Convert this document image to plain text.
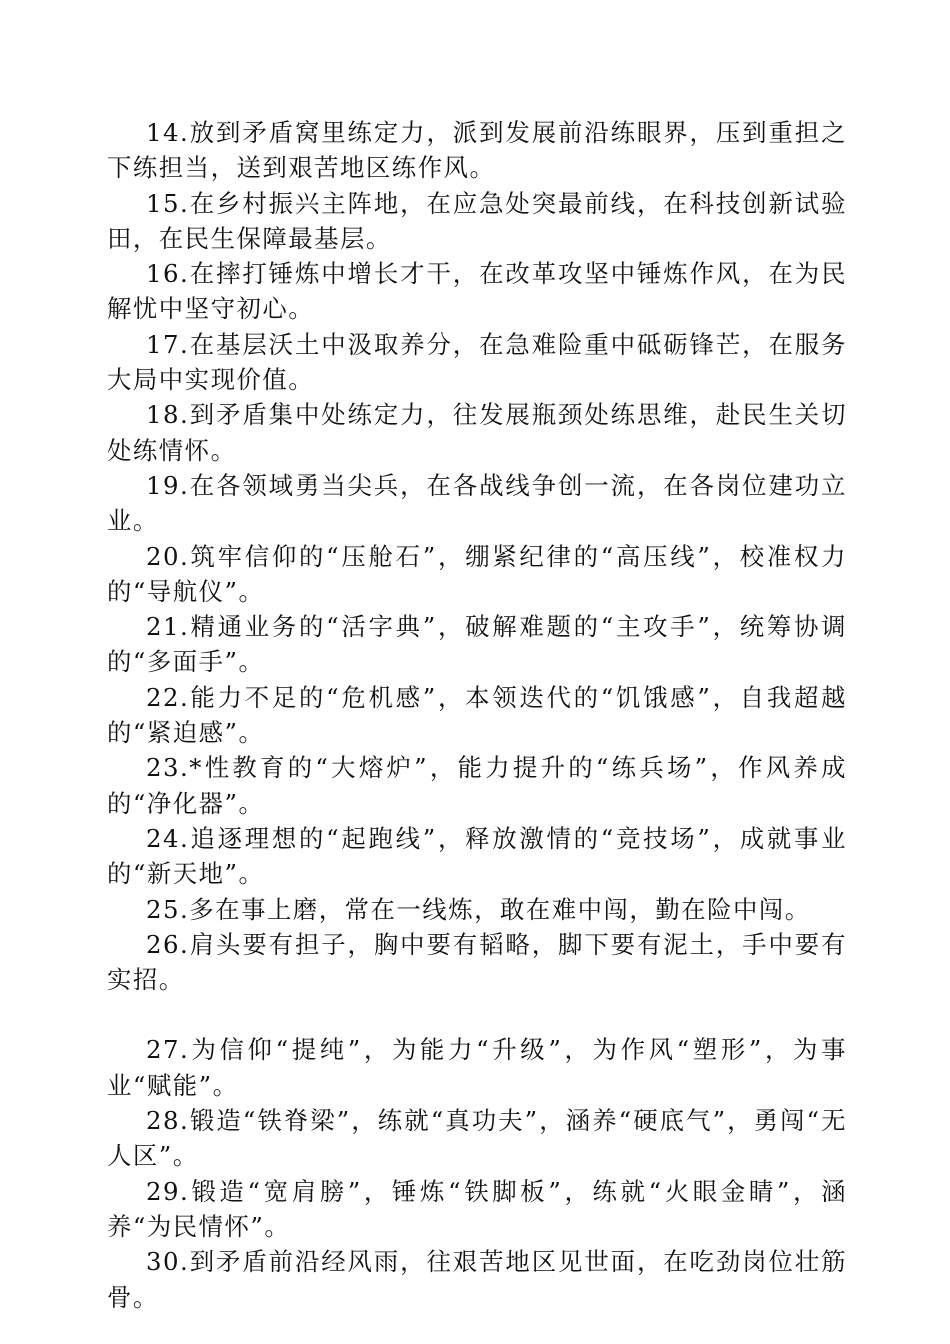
14.放到矛盾窝里练定力，派到发展前沿练眼界，压到重担之下练担当，送到艰苦地区练作风。

15.在乡村振兴主阵地，在应急处突最前线，在科技创新试验田，在民生保障最基层。

16.在摔打锤炼中增长才干，在改革攻坚中锤炼作风，在为民解忧中坚守初心。

17.在基层沃土中汲取养分，在急难险重中砥砺锋芒，在服务大局中实现价值。

18.到矛盾集中处练定力，往发展瓶颈处练思维，赴民生关切处练情怀。

19.在各领域勇当尖兵，在各战线争创一流，在各岗位建功立业。

20.筑牢信仰的“压舱石”，绷紧纪律的“高压线”，校准权力的“导航仪”。

21.精通业务的“活字典”，破解难题的“主攻手”，统筹协调的“多面手”。

22.能力不足的“危机感”，本领迭代的“饥饿感”，自我超越的“紧迫感”。

23.*性教育的“大熔炉”，能力提升的“练兵场”，作风养成的“净化器”。

24.追逐理想的“起跑线”，释放激情的“竞技场”，成就事业的“新天地”。

25.多在事上磨，常在一线炼，敢在难中闯，勤在险中闯。

26.肩头要有担子，胸中要有韬略，脚下要有泥土，手中要有实招。

27.为信仰“提纯”，为能力“升级”，为作风“塑形”，为事业“赋能”。

28.锻造“铁脊梁”，练就“真功夫”，涵养“硬底气”，勇闯“无人区”。

29.锻造“宽肩膀”，锤炼“铁脚板”，练就“火眼金睛”，涵养“为民情怀”。

30.到矛盾前沿经风雨，往艰苦地区见世面，在吃劲岗位壮筋骨。
